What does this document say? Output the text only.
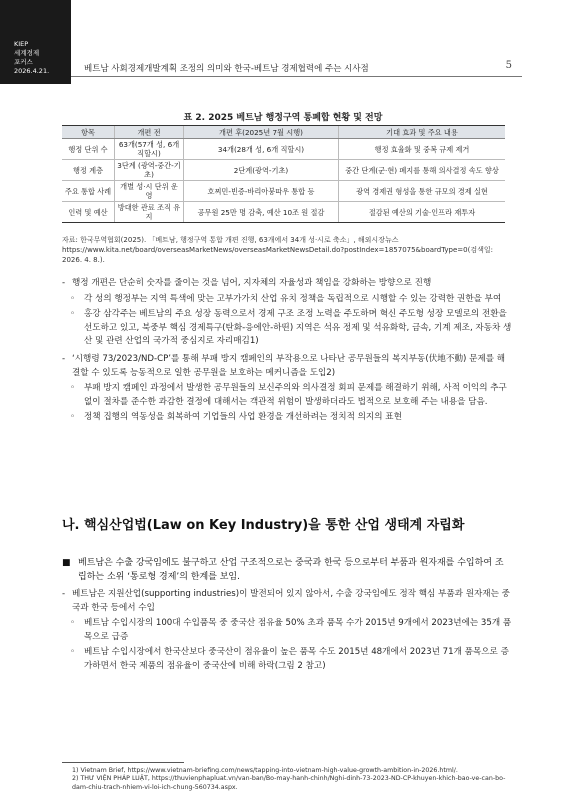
KIEP
세계경제
포커스
2026.4.21.	베트남 사회경제개발계획 조정의 의미와 한국-베트남 경제협력에 주는 시사점	5
표 2. 2025 베트남 행정구역 통폐합 현황 및 전망
항목	개편 전	개편 후(2025년 7월 시행)	기대 효과 및 주요 내용
행정 단위 수	63개(57개 성, 6개 직할시)	34개(28개 성, 6개 직할시)	행정 효율화 및 중복 규제 제거
행정 계층	3단계 (광역-중간-기초)	2단계(광역-기초)	중간 단계(군·현) 폐지를 통해 의사결정 속도 향상
주요 통합 사례	개별 성·시 단위 운영	호찌민-빈증-바리아붕따우 통합 등	광역 경제권 형성을 통한 규모의 경제 실현
인력 및 예산	방대한 관료 조직 유지	공무원 25만 명 감축, 예산 10조 원 절감	절감된 예산의 기술·인프라 재투자
자료: 한국무역협회(2025). 「베트남, 행정구역 통합 개편 진행, 63개에서 34개 성·시로 축소」, 해외시장뉴스 https://www.kita.net/board/overseasMarketNews/overseasMarketNewsDetail.do?postIndex=1857075&boardType=0(검색일: 2026. 4. 8.).
- 행정 개편은 단순히 숫자를 줄이는 것을 넘어, 지자체의 자율성과 책임을 강화하는 방향으로 진행
◦ 각 성의 행정부는 지역 특색에 맞는 고부가가치 산업 유치 정책을 독립적으로 시행할 수 있는 강력한 권한을 부여
◦ 홍강 삼각주는 베트남의 주요 성장 동력으로서 경제 구조 조정 노력을 주도하며 혁신 주도형 성장 모델로의 전환을 선도하고 있고, 북중부 핵심 경제특구(탄화-응에안-하띤) 지역은 석유 정제 및 석유화학, 금속, 기계 제조, 자동차 생산 및 관련 산업의 국가적 중심지로 자리매김1)
- ‘시행령 73/2023/ND-CP’를 통해 부패 방지 캠페인의 부작용으로 나타난 공무원들의 복지부동(伏地不動) 문제를 해결할 수 있도록 능동적으로 일한 공무원을 보호하는 메커니즘을 도입2)
◦ 부패 방지 캠페인 과정에서 발생한 공무원들의 보신주의와 의사결정 회피 문제를 해결하기 위해, 사적 이익의 추구 없이 절차를 준수한 과감한 결정에 대해서는 객관적 위험이 발생하더라도 법적으로 보호해 주는 내용을 담음.
◦ 정책 집행의 역동성을 회복하여 기업들의 사업 환경을 개선하려는 정치적 의지의 표현
나. 핵심산업법(Law on Key Industry)을 통한 산업 생태계 자립화
■ 베트남은 수출 강국임에도 불구하고 산업 구조적으로는 중국과 한국 등으로부터 부품과 원자재를 수입하여 조립하는 소위 ‘통로형 경제’의 한계를 보임.
- 베트남은 지원산업(supporting industries)이 발전되어 있지 않아서, 수출 강국임에도 정작 핵심 부품과 원자재는 중국과 한국 등에서 수입
◦ 베트남 수입시장의 100대 수입품목 중 중국산 점유율 50% 초과 품목 수가 2015년 9개에서 2023년에는 35개 품목으로 급증
◦ 베트남 수입시장에서 한국산보다 중국산이 점유율이 높은 품목 수도 2015년 48개에서 2023년 71개 품목으로 증가하면서 한국 제품의 점유율이 중국산에 비해 하락(그림 2 참고)
1) Vietnam Brief, https://www.vietnam-briefing.com/news/tapping-into-vietnam-high-value-growth-ambition-in-2026.html/.
2) THƯ VIỆN PHÁP LUẬT, https://thuvienphapluat.vn/van-ban/Bo-may-hanh-chinh/Nghi-dinh-73-2023-ND-CP-khuyen-khich-bao-ve-can-bo-dam-chiu-trach-nhiem-vi-loi-ich-chung-560734.aspx.
